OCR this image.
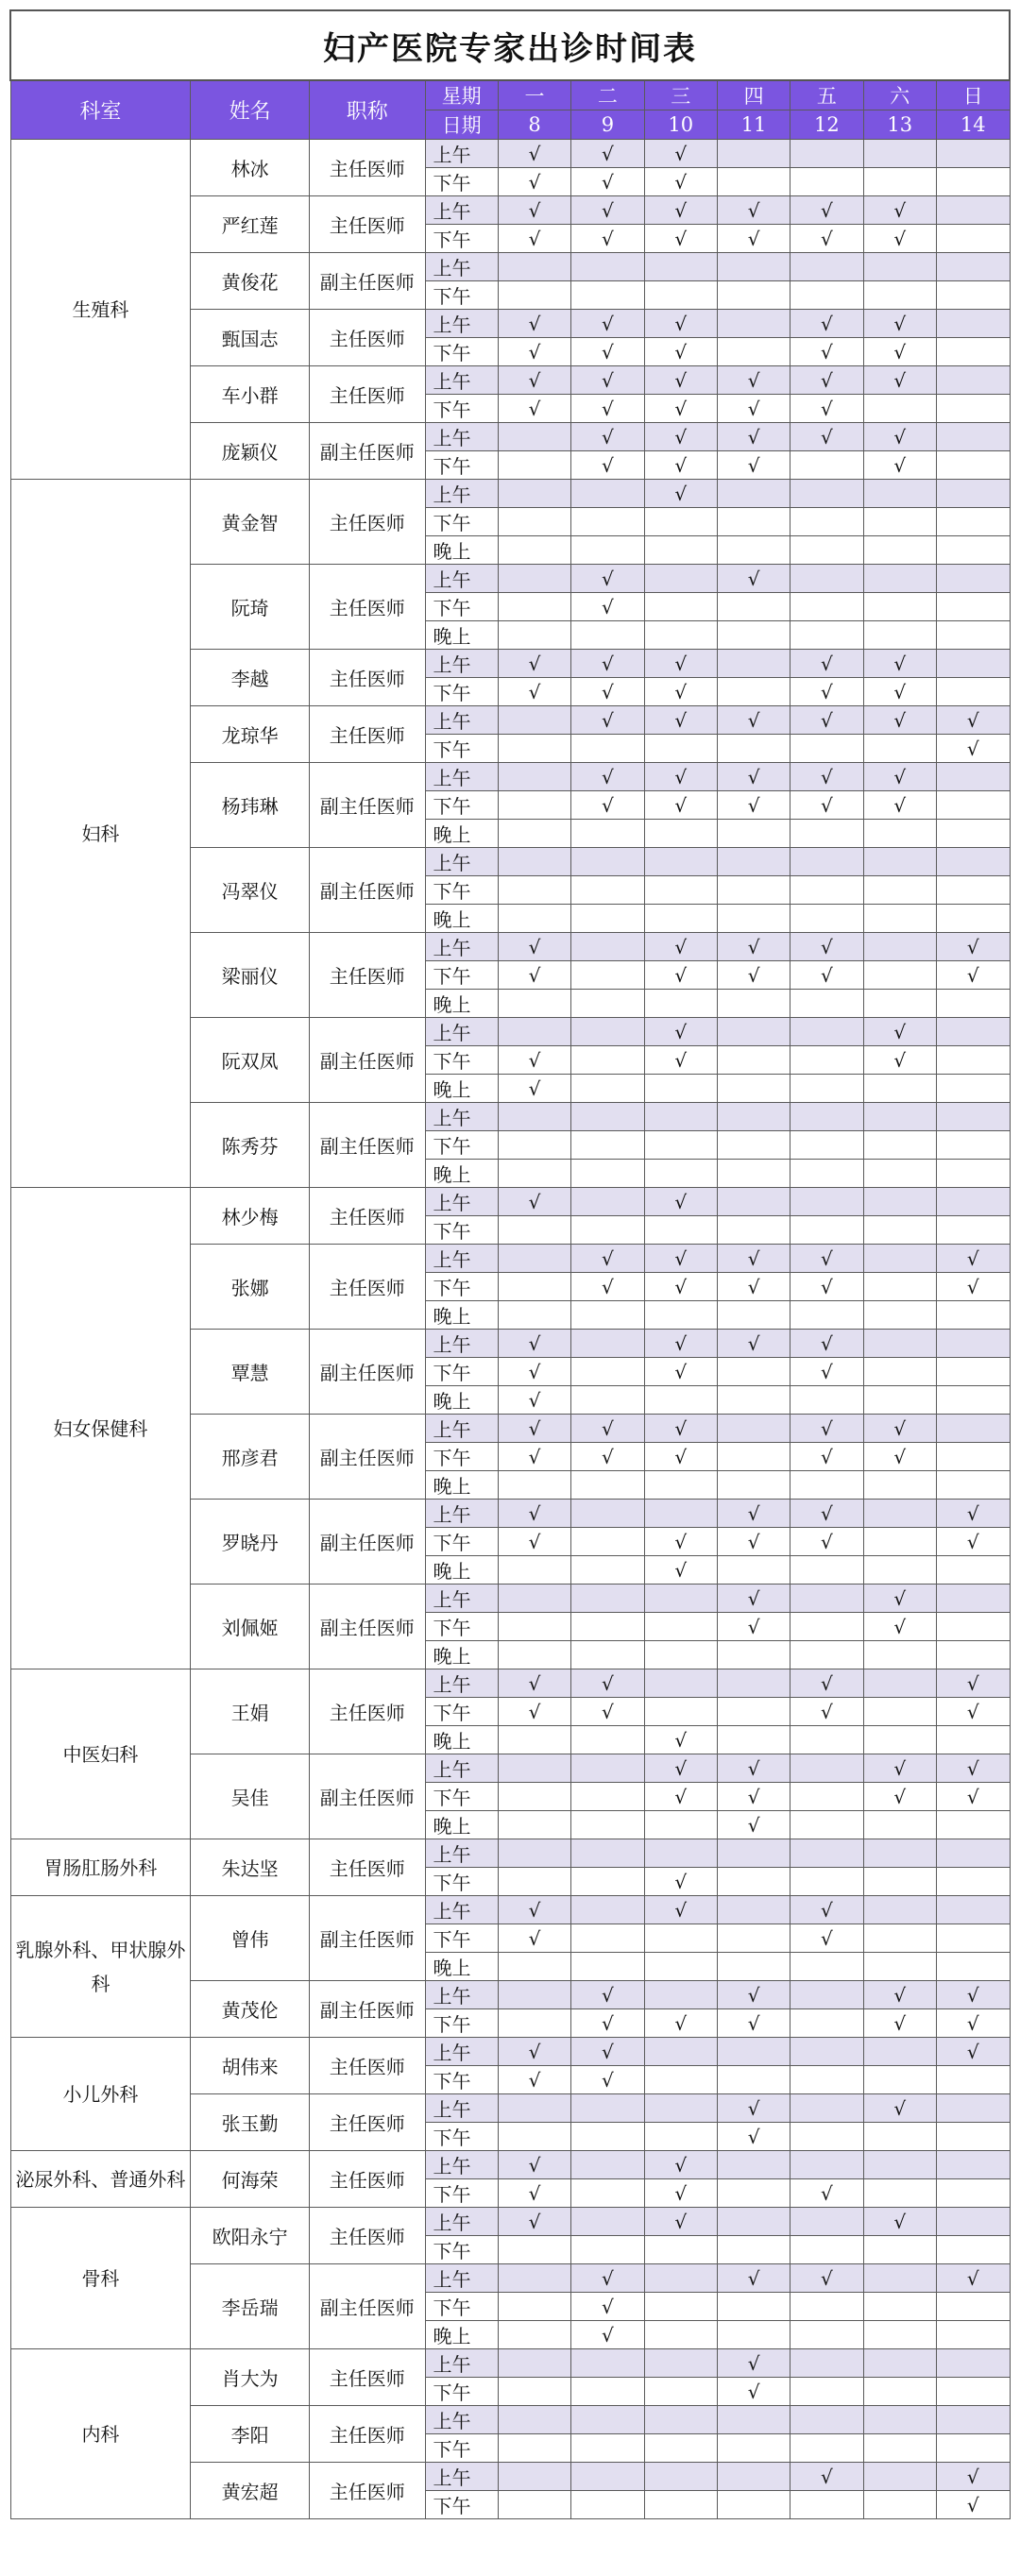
妇产医院专家出诊时间表										
科室	姓名	职称	星期	一	二	三	四	五	六	日
			日期	8	9	10	11	12	13	14
生殖科	林冰	主任医师	上午	√	√	√				
			下午	√	√	√				
	严红莲	主任医师	上午	√	√	√	√	√	√	
			下午	√	√	√	√	√	√	
	黄俊花	副主任医师	上午							
			下午							
	甄国志	主任医师	上午	√	√	√		√	√	
			下午	√	√	√		√	√	
	车小群	主任医师	上午	√	√	√	√	√	√	
			下午	√	√	√	√	√		
	庞颖仪	副主任医师	上午		√	√	√	√	√	
			下午		√	√	√		√	
妇科	黄金智	主任医师	上午			√				
			下午							
			晚上							
	阮琦	主任医师	上午		√		√			
			下午		√					
			晚上							
	李越	主任医师	上午	√	√	√		√	√	
			下午	√	√	√		√	√	
	龙琼华	主任医师	上午		√	√	√	√	√	√
			下午							√
	杨玮琳	副主任医师	上午		√	√	√	√	√	
			下午		√	√	√	√	√	
			晚上							
	冯翠仪	副主任医师	上午							
			下午							
			晚上							
	梁丽仪	主任医师	上午	√		√	√	√		√
			下午	√		√	√	√		√
			晚上							
	阮双凤	副主任医师	上午			√			√	
			下午	√		√			√	
			晚上	√						
	陈秀芬	副主任医师	上午							
			下午							
			晚上							
妇女保健科	林少梅	主任医师	上午	√		√				
			下午							
	张娜	主任医师	上午		√	√	√	√		√
			下午		√	√	√	√		√
			晚上							
	覃慧	副主任医师	上午	√		√	√	√		
			下午	√		√		√		
			晚上	√						
	邢彦君	副主任医师	上午	√	√	√		√	√	
			下午	√	√	√		√	√	
			晚上							
	罗晓丹	副主任医师	上午	√			√	√		√
			下午	√		√	√	√		√
			晚上			√				
	刘佩姬	副主任医师	上午				√		√	
			下午				√		√	
			晚上							
中医妇科	王娟	主任医师	上午	√	√			√		√
			下午	√	√			√		√
			晚上			√				
	吴佳	副主任医师	上午			√	√		√	√
			下午			√	√		√	√
			晚上				√			
胃肠肛肠外科	朱达坚	主任医师	上午							
			下午			√				
乳腺外科、甲状腺外科	曾伟	副主任医师	上午	√		√		√		
			下午	√				√		
			晚上							
	黄茂伦	副主任医师	上午		√		√		√	√
			下午		√	√	√		√	√
小儿外科	胡伟来	主任医师	上午	√	√					√
			下午	√	√					
	张玉勤	主任医师	上午				√		√	
			下午				√			
泌尿外科、普通外科	何海荣	主任医师	上午	√		√				
			下午	√		√		√		
骨科	欧阳永宁	主任医师	上午	√		√			√	
			下午							
	李岳瑞	副主任医师	上午		√		√	√		√
			下午		√					
			晚上		√					
内科	肖大为	主任医师	上午				√			
			下午				√			
	李阳	主任医师	上午							
			下午							
	黄宏超	主任医师	上午					√		√
			下午							√
